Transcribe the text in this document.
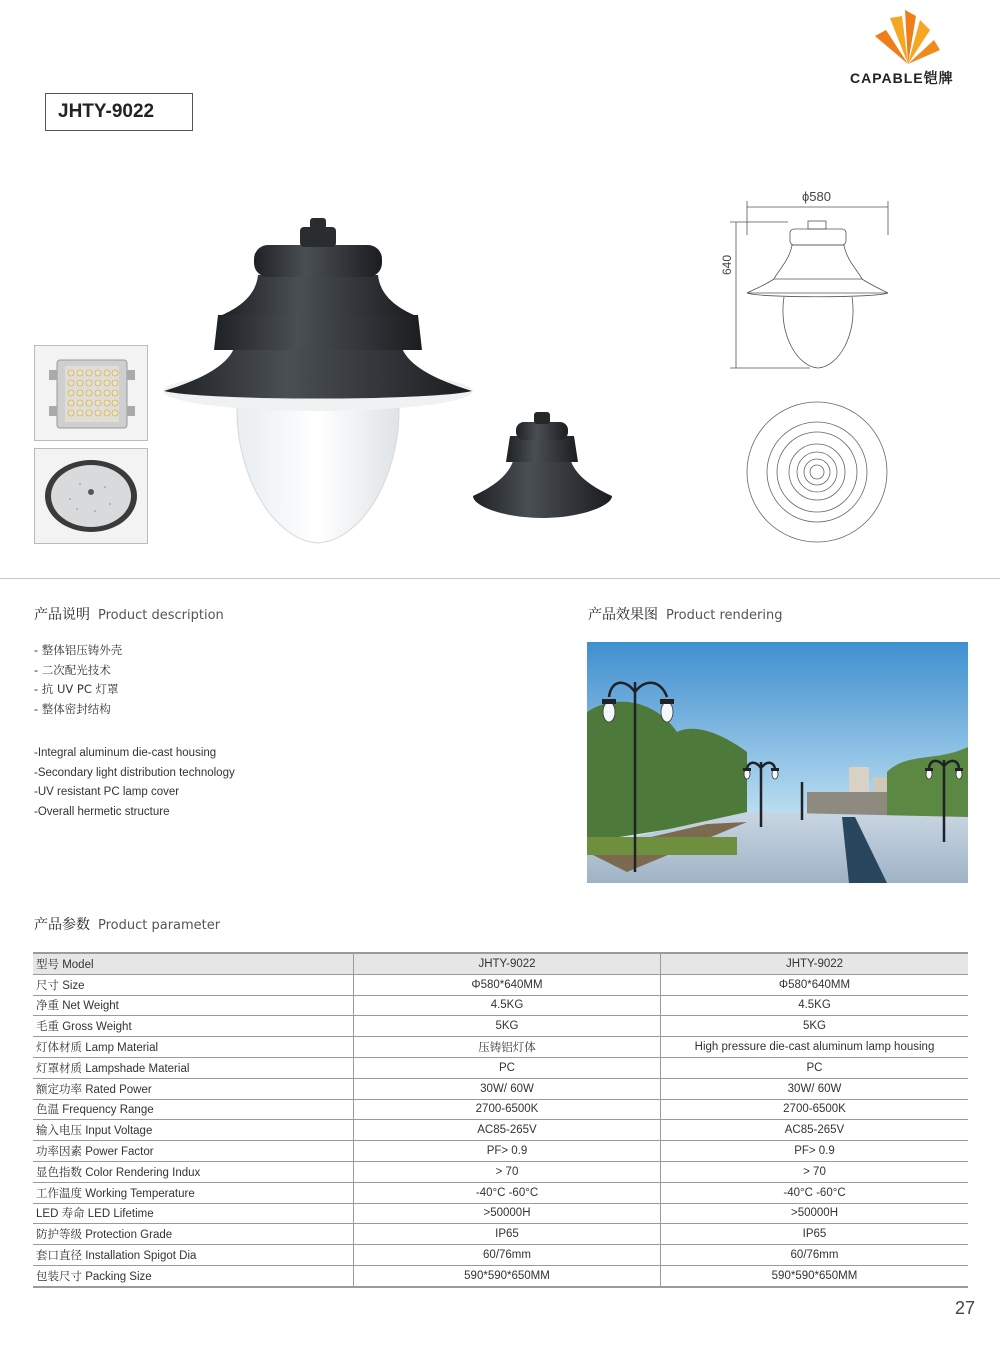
CAPABLE铠牌
JHTY-9022
640
ϕ580
产品说明 Product description
- 整体铝压铸外壳
- 二次配光技术
- 抗 UV PC 灯罩
- 整体密封结构
-Integral aluminum die-cast housing
-Secondary light distribution technology
-UV resistant PC lamp cover
-Overall hermetic structure
产品效果图 Product rendering
产品参数 Product parameter
型号 Model	JHTY-9022	JHTY-9022
尺寸 Size	Φ580*640MM	Φ580*640MM
净重 Net Weight	4.5KG	4.5KG
毛重 Gross Weight	5KG	5KG
灯体材质 Lamp Material	压铸铝灯体	High pressure die-cast aluminum lamp housing
灯罩材质 Lampshade Material	PC	PC
额定功率 Rated Power	30W/ 60W	30W/ 60W
色温 Frequency Range	2700-6500K	2700-6500K
输入电压 Input Voltage	AC85-265V	AC85-265V
功率因素 Power Factor	PF> 0.9	PF> 0.9
显色指数 Color Rendering Indux	> 70	> 70
工作温度 Working Temperature	-40°C -60°C	-40°C -60°C
LED 寿命 LED Lifetime	>50000H	>50000H
防护等级 Protection Grade	IP65	IP65
套口直径 Installation Spigot Dia	60/76mm	60/76mm
包装尺寸 Packing Size	590*590*650MM	590*590*650MM
27
